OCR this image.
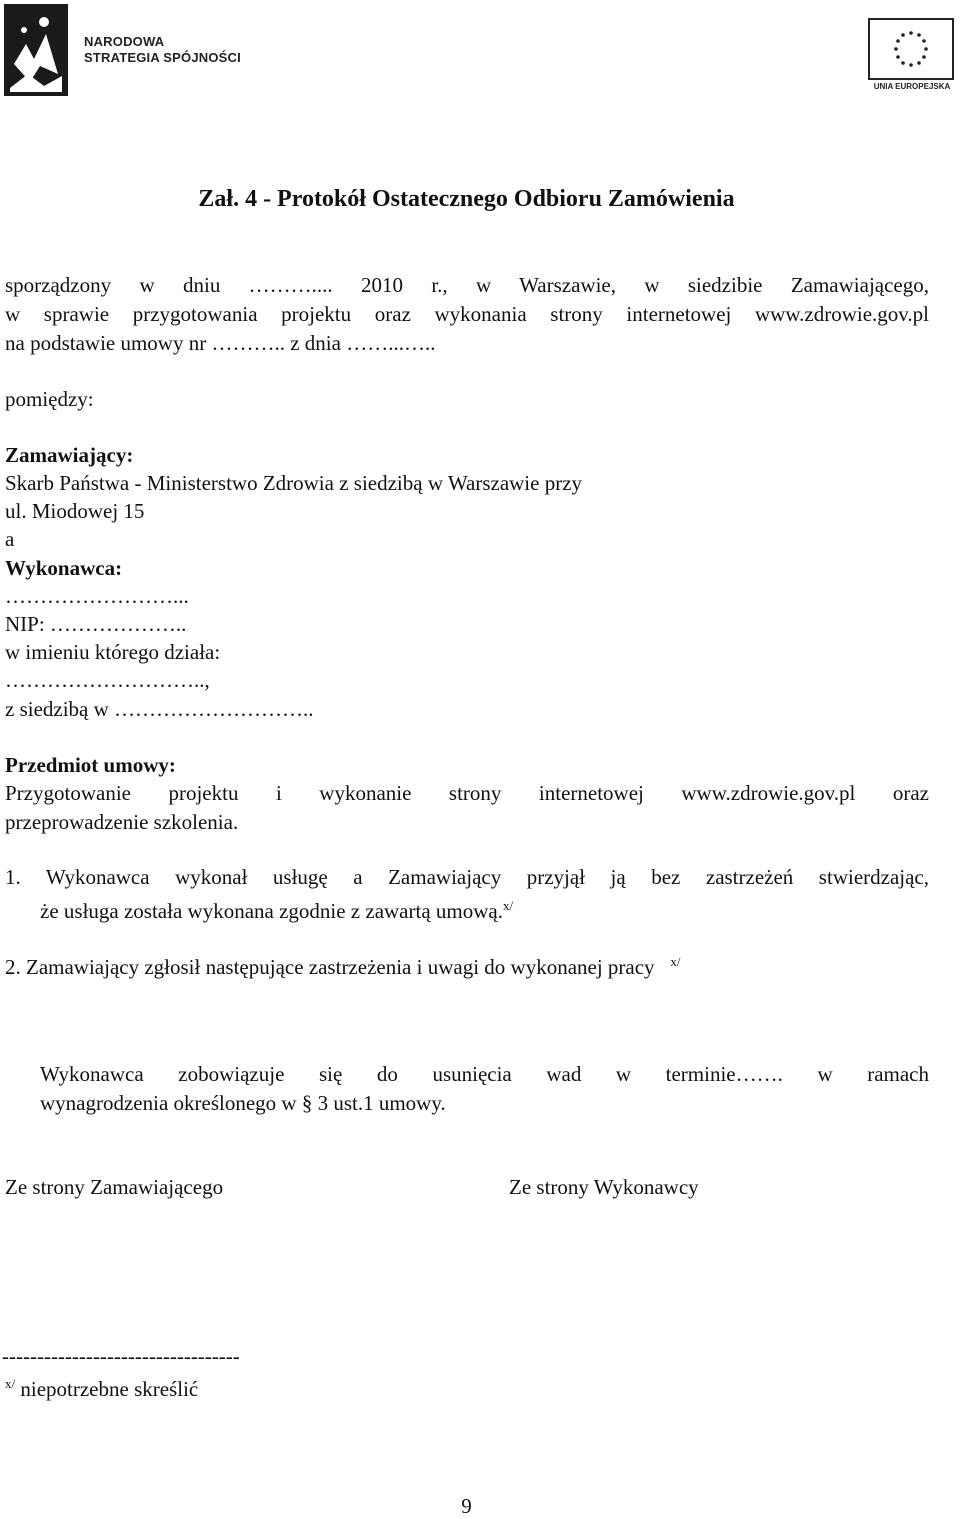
NARODOWA
STRATEGIA SPÓJNOŚCI
UNIA EUROPEJSKA
Zał. 4 - Protokół Ostatecznego Odbioru Zamówienia
sporządzony w dniu ……….... 2010 r., w Warszawie, w siedzibie Zamawiającego,
w sprawie przygotowania projektu oraz wykonania strony internetowej www.zdrowie.gov.pl
na podstawie umowy nr ……….. z dnia ……...…..
pomiędzy:
Zamawiający:
Skarb Państwa - Ministerstwo Zdrowia z siedzibą w Warszawie przy
ul. Miodowej 15
a
Wykonawca:
……………………...
NIP: ………………..
w imieniu którego działa:
………………………..,
z siedzibą w ………………………..
Przedmiot umowy:
Przygotowanie projektu i wykonanie strony internetowej www.zdrowie.gov.pl oraz
przeprowadzenie szkolenia.
1. Wykonawca wykonał usługę a Zamawiający przyjął ją bez zastrzeżeń stwierdzając,
że usługa została wykonana zgodnie z zawartą umową.$^{x/}$
2. Zamawiający zgłosił następujące zastrzeżenia i uwagi do wykonanej pracy $^{x/}$
Wykonawca zobowiązuje się do usunięcia wad w terminie……. w ramach
wynagrodzenia określonego w § 3 ust.1 umowy.
Ze strony Zamawiającego	Ze strony Wykonawcy
----------------------------------
$^{x/}$ niepotrzebne skreślić
9
